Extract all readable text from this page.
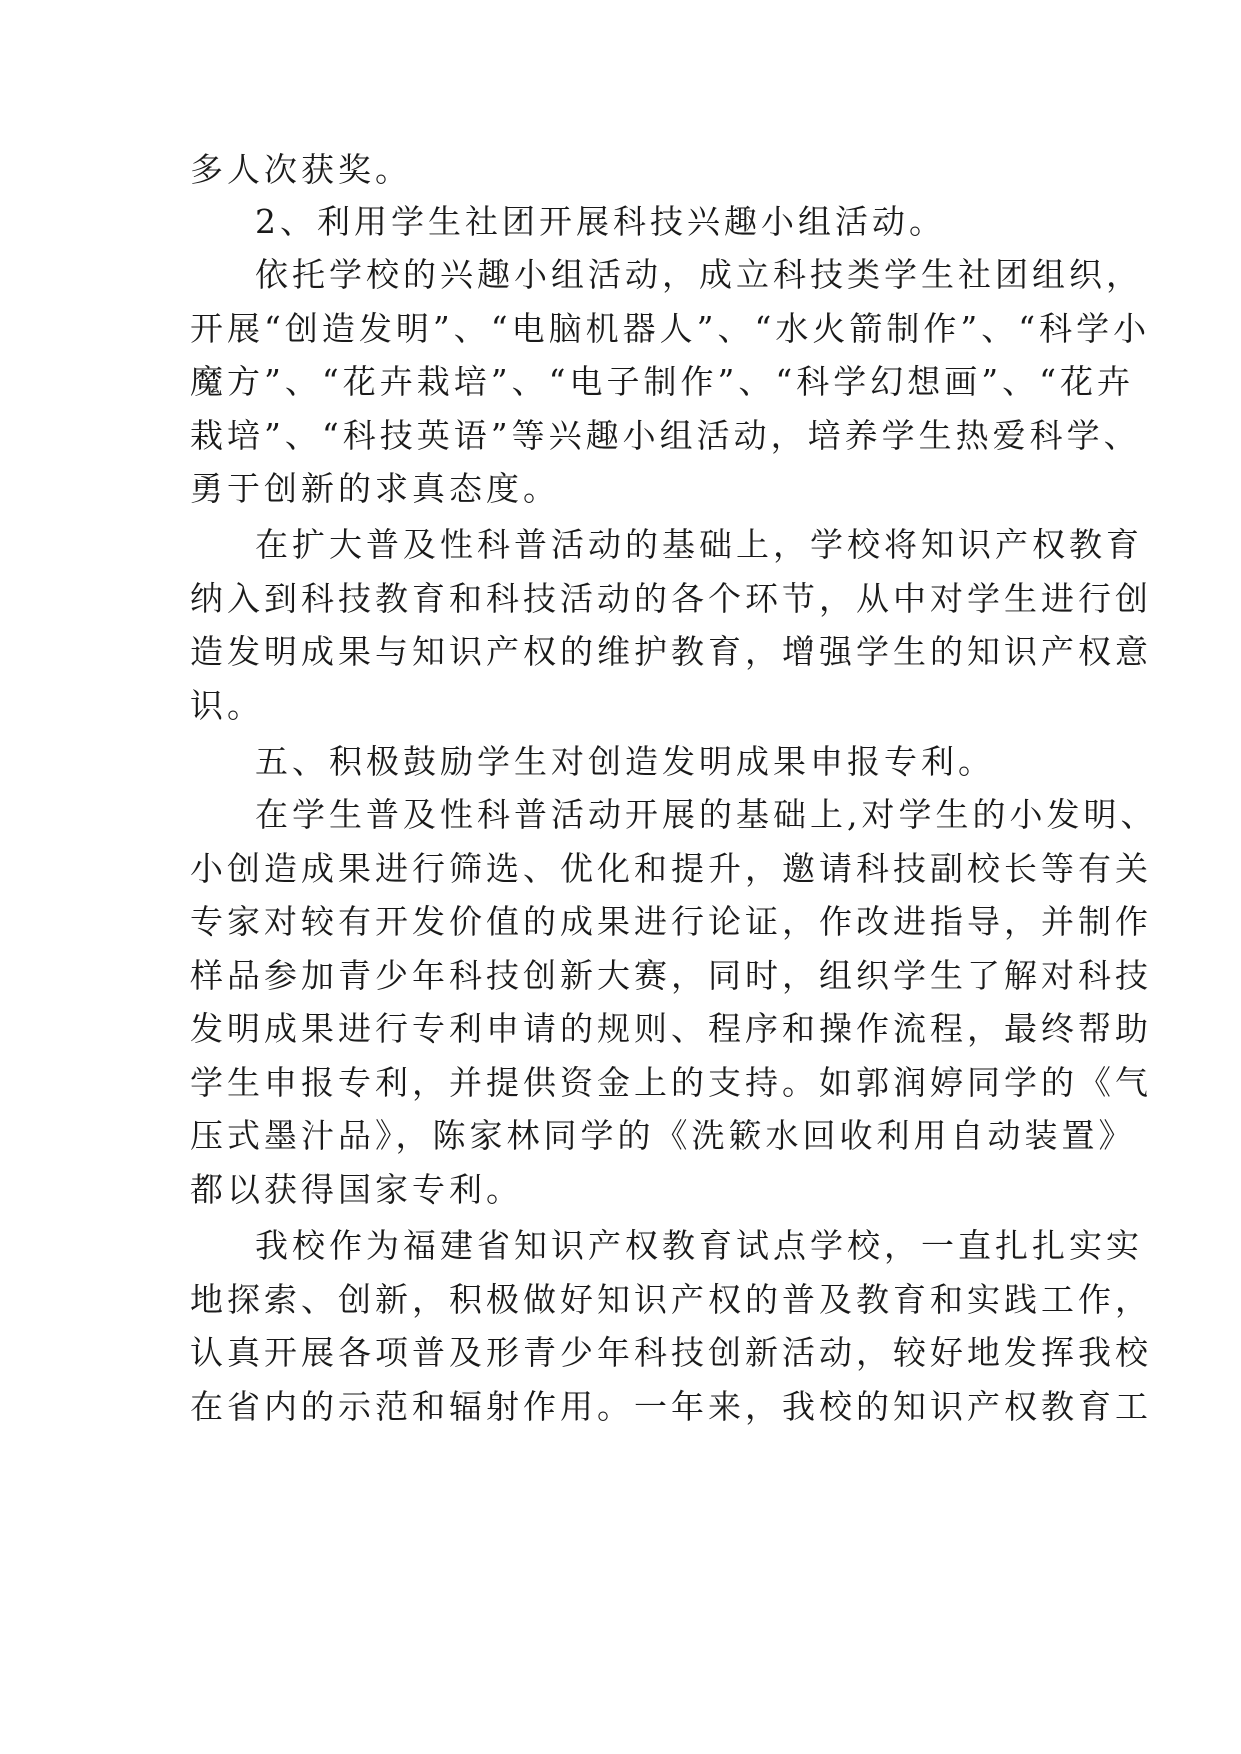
多人次获奖。
2、利用学生社团开展科技兴趣小组活动。
依托学校的兴趣小组活动，成立科技类学生社团组织，
开展“创造发明”、“电脑机器人”、“水火箭制作”、“科学小
魔方”、“花卉栽培”、“电子制作”、“科学幻想画”、“花卉
栽培”、“科技英语”等兴趣小组活动，培养学生热爱科学、
勇于创新的求真态度。
在扩大普及性科普活动的基础上，学校将知识产权教育
纳入到科技教育和科技活动的各个环节，从中对学生进行创
造发明成果与知识产权的维护教育，增强学生的知识产权意
识。
五、积极鼓励学生对创造发明成果申报专利。
在学生普及性科普活动开展的基础上,对学生的小发明、
小创造成果进行筛选、优化和提升，邀请科技副校长等有关
专家对较有开发价值的成果进行论证，作改进指导，并制作
样品参加青少年科技创新大赛，同时，组织学生了解对科技
发明成果进行专利申请的规则、程序和操作流程，最终帮助
学生申报专利，并提供资金上的支持。如郭润婷同学的《气
压式墨汁品》，陈家林同学的《洗簌水回收利用自动装置》
都以获得国家专利。
我校作为福建省知识产权教育试点学校，一直扎扎实实
地探索、创新，积极做好知识产权的普及教育和实践工作，
认真开展各项普及形青少年科技创新活动，较好地发挥我校
在省内的示范和辐射作用。一年来，我校的知识产权教育工
